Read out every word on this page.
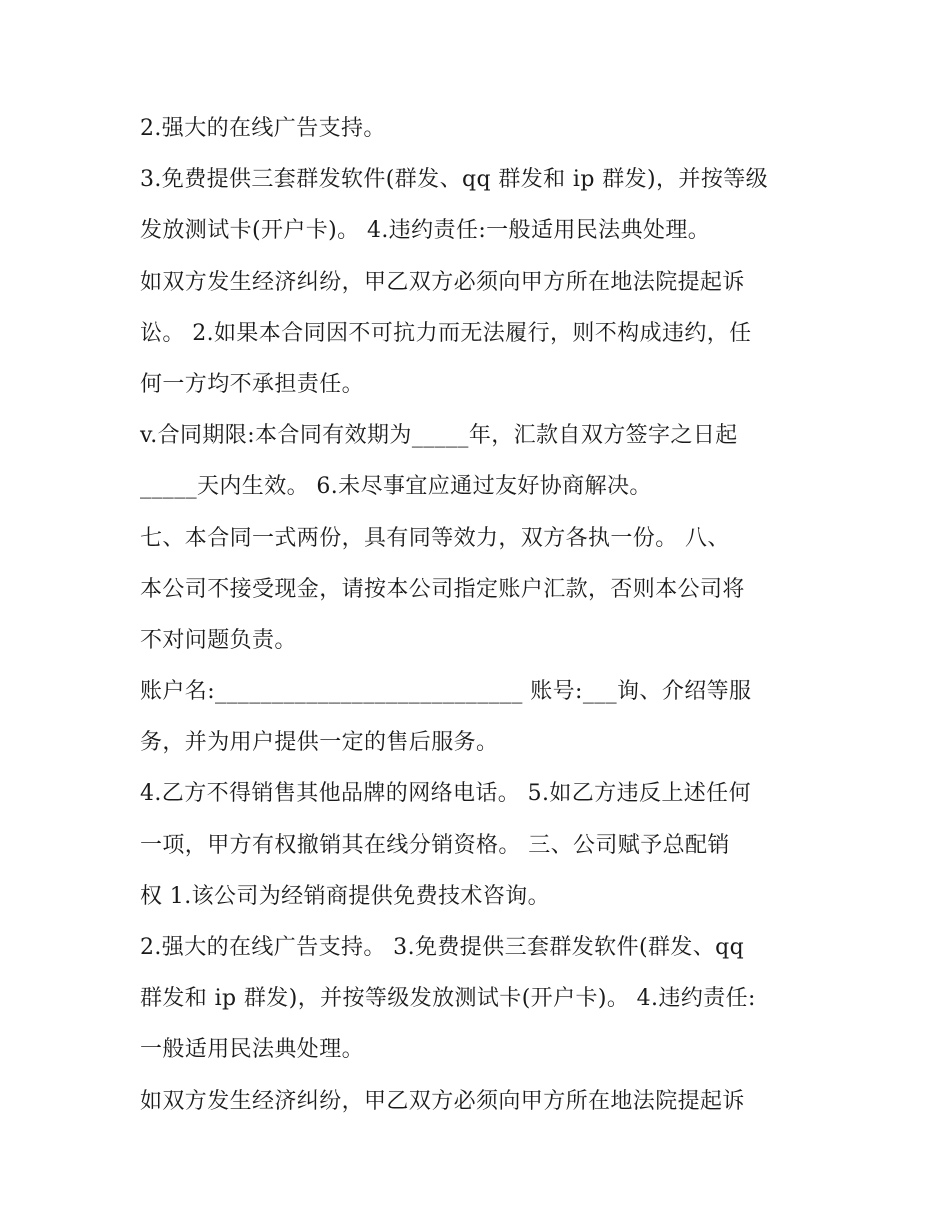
2.强大的在线广告支持。
3.免费提供三套群发软件(群发、qq 群发和 ip 群发)，并按等级
发放测试卡(开户卡)。 4.违约责任:一般适用民法典处理。
如双方发生经济纠纷，甲乙双方必须向甲方所在地法院提起诉
讼。 2.如果本合同因不可抗力而无法履行，则不构成违约，任
何一方均不承担责任。
v.合同期限:本合同有效期为_____年，汇款自双方签字之日起
_____天内生效。 6.未尽事宜应通过友好协商解决。
七、本合同一式两份，具有同等效力，双方各执一份。 八、
本公司不接受现金，请按本公司指定账户汇款，否则本公司将
不对问题负责。
账户名:___________________________ 账号:___询、介绍等服
务，并为用户提供一定的售后服务。
4.乙方不得销售其他品牌的网络电话。 5.如乙方违反上述任何
一项，甲方有权撤销其在线分销资格。 三、公司赋予总配销
权 1.该公司为经销商提供免费技术咨询。
2.强大的在线广告支持。 3.免费提供三套群发软件(群发、qq
群发和 ip 群发)，并按等级发放测试卡(开户卡)。 4.违约责任:
一般适用民法典处理。
如双方发生经济纠纷，甲乙双方必须向甲方所在地法院提起诉
